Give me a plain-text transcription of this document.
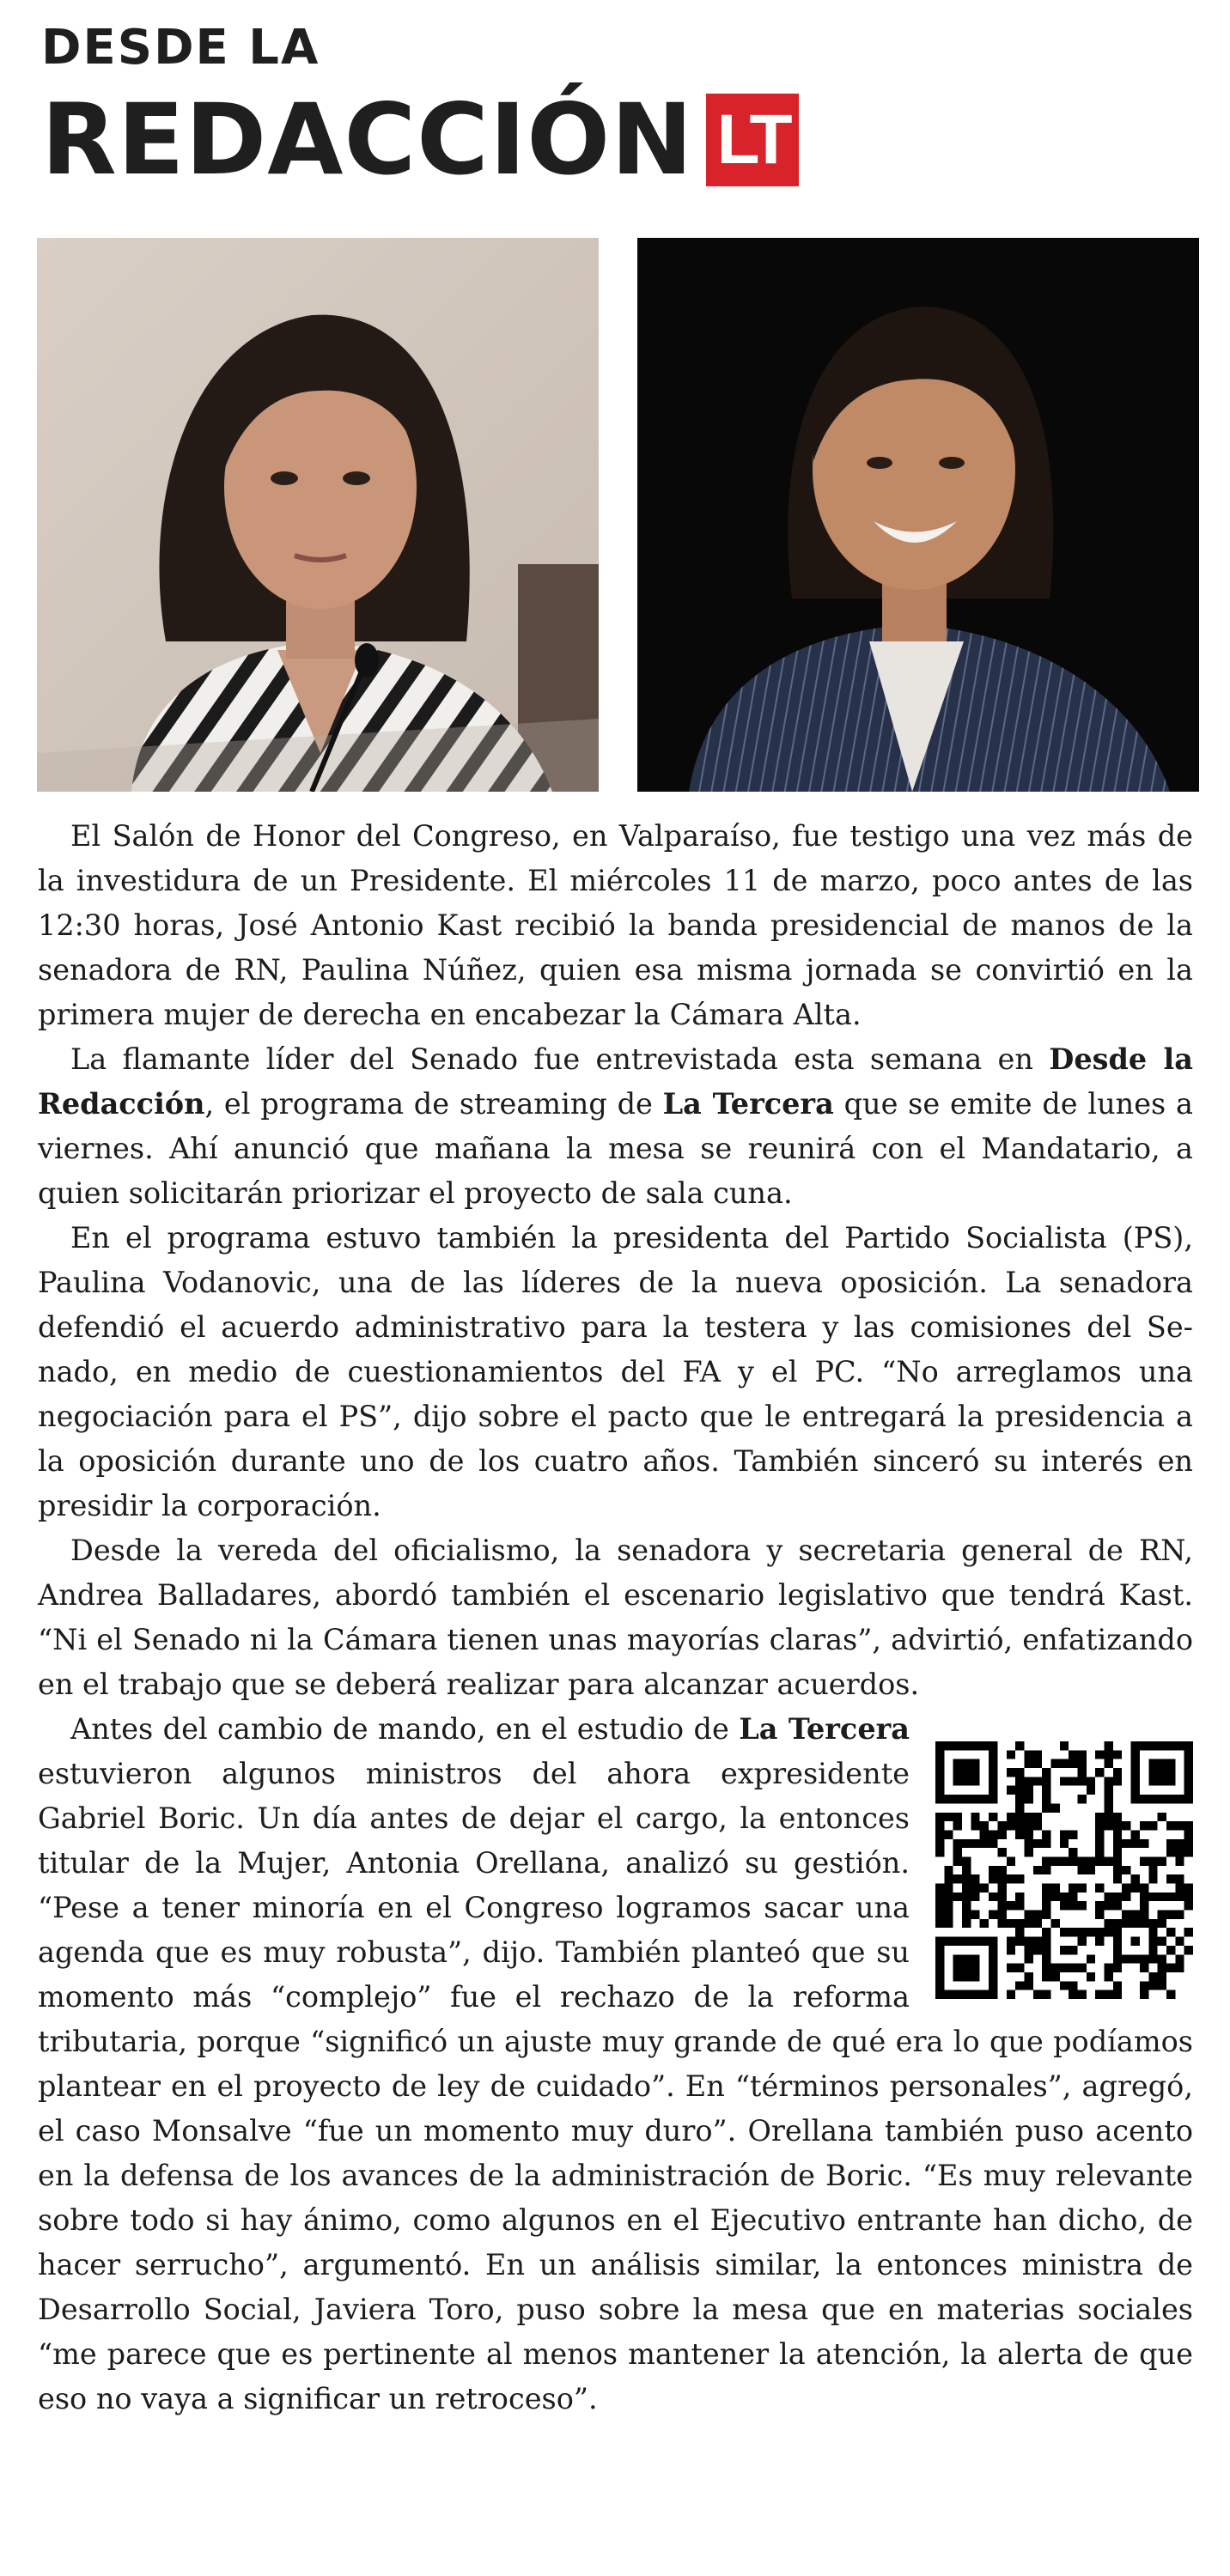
DESDE LA
REDACCIÓN LT

El Salón de Honor del Congreso, en Valparaíso, fue testigo una vez más de la investidura de un Presidente. El miércoles 11 de marzo, poco antes de las 12:30 horas, José Antonio Kast recibió la banda presidencial de manos de la senadora de RN, Paulina Núñez, quien esa misma jornada se convirtió en la primera mujer de derecha en encabezar la Cámara Alta.

La flamante líder del Senado fue entrevistada esta semana en Desde la Redacción, el programa de streaming de La Tercera que se emite de lunes a viernes. Ahí anunció que mañana la mesa se reunirá con el Mandatario, a quien solicitarán priorizar el proyecto de sala cuna.

En el programa estuvo también la presidenta del Partido Socialista (PS), Paulina Vodanovic, una de las líderes de la nueva oposición. La senadora defendió el acuerdo administrativo para la testera y las comisiones del Senado, en medio de cuestionamientos del FA y el PC. “No arreglamos una negociación para el PS”, dijo sobre el pacto que le entregará la presidencia a la oposición durante uno de los cuatro años. También sinceró su interés en presidir la corporación.

Desde la vereda del oficialismo, la senadora y secretaria general de RN, Andrea Balladares, abordó también el escenario legislativo que tendrá Kast. “Ni el Senado ni la Cámara tienen unas mayorías claras”, advirtió, enfatizando en el trabajo que se deberá realizar para alcanzar acuerdos.

Antes del cambio de mando, en el estudio de La Tercera estuvieron algunos ministros del ahora expresidente Gabriel Boric. Un día antes de dejar el cargo, la entonces titular de la Mujer, Antonia Orellana, analizó su gestión. “Pese a tener minoría en el Congreso logramos sacar una agenda que es muy robusta”, dijo. También planteó que su momento más “complejo” fue el rechazo de la reforma tributaria, porque “significó un ajuste muy grande de qué era lo que podíamos plantear en el proyecto de ley de cuidado”. En “términos personales”, agregó, el caso Monsalve “fue un momento muy duro”. Orellana también puso acento en la defensa de los avances de la administración de Boric. “Es muy relevante sobre todo si hay ánimo, como algunos en el Ejecutivo entrante han dicho, de hacer serrucho”, argumentó. En un análisis similar, la entonces ministra de Desarrollo Social, Javiera Toro, puso sobre la mesa que en materias sociales “me parece que es pertinente al menos mantener la atención, la alerta de que eso no vaya a significar un retroceso”.
